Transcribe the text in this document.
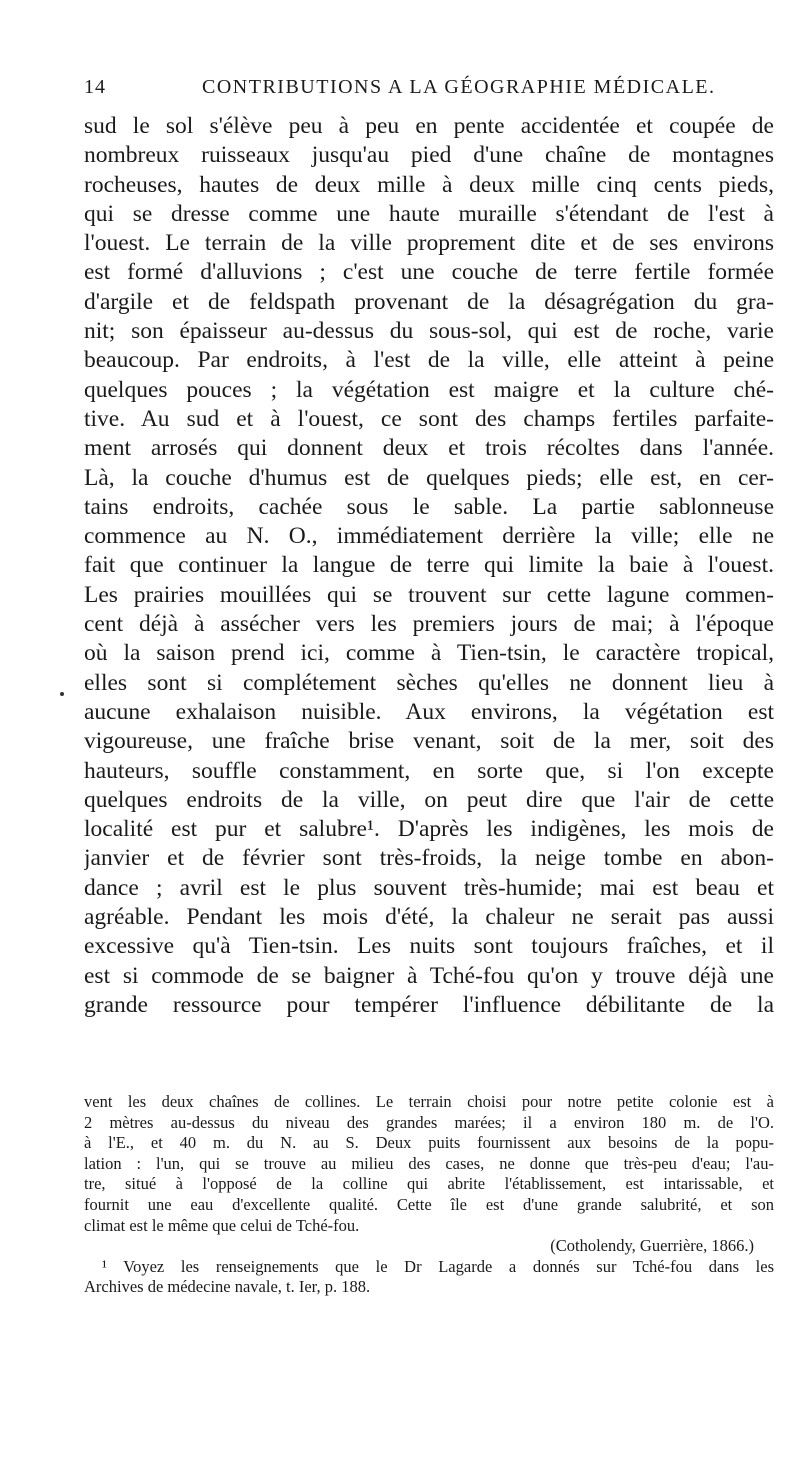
14	CONTRIBUTIONS A LA GÉOGRAPHIE MÉDICALE.
sud le sol s'élève peu à peu en pente accidentée et coupée de
nombreux ruisseaux jusqu'au pied d'une chaîne de montagnes
rocheuses, hautes de deux mille à deux mille cinq cents pieds,
qui se dresse comme une haute muraille s'étendant de l'est à
l'ouest. Le terrain de la ville proprement dite et de ses environs
est formé d'alluvions ; c'est une couche de terre fertile formée
d'argile et de feldspath provenant de la désagrégation du gra-
nit; son épaisseur au-dessus du sous-sol, qui est de roche, varie
beaucoup. Par endroits, à l'est de la ville, elle atteint à peine
quelques pouces ; la végétation est maigre et la culture ché-
tive. Au sud et à l'ouest, ce sont des champs fertiles parfaite-
ment arrosés qui donnent deux et trois récoltes dans l'année.
Là, la couche d'humus est de quelques pieds; elle est, en cer-
tains endroits, cachée sous le sable. La partie sablonneuse
commence au N. O., immédiatement derrière la ville; elle ne
fait que continuer la langue de terre qui limite la baie à l'ouest.
Les prairies mouillées qui se trouvent sur cette lagune commen-
cent déjà à assécher vers les premiers jours de mai; à l'époque
où la saison prend ici, comme à Tien-tsin, le caractère tropical,
elles sont si complétement sèches qu'elles ne donnent lieu à
aucune exhalaison nuisible. Aux environs, la végétation est
vigoureuse, une fraîche brise venant, soit de la mer, soit des
hauteurs, souffle constamment, en sorte que, si l'on excepte
quelques endroits de la ville, on peut dire que l'air de cette
localité est pur et salubre¹. D'après les indigènes, les mois de
janvier et de février sont très-froids, la neige tombe en abon-
dance ; avril est le plus souvent très-humide; mai est beau et
agréable. Pendant les mois d'été, la chaleur ne serait pas aussi
excessive qu'à Tien-tsin. Les nuits sont toujours fraîches, et il
est si commode de se baigner à Tché-fou qu'on y trouve déjà une
grande ressource pour tempérer l'influence débilitante de la
vent les deux chaînes de collines. Le terrain choisi pour notre petite colonie est à
2 mètres au-dessus du niveau des grandes marées; il a environ 180 m. de l'O.
à l'E., et 40 m. du N. au S. Deux puits fournissent aux besoins de la popu-
lation : l'un, qui se trouve au milieu des cases, ne donne que très-peu d'eau; l'au-
tre, situé à l'opposé de la colline qui abrite l'établissement, est intarissable, et
fournit une eau d'excellente qualité. Cette île est d'une grande salubrité, et son
climat est le même que celui de Tché-fou.
(Cotholendy, Guerrière, 1866.)
¹ Voyez les renseignements que le Dr Lagarde a donnés sur Tché-fou dans les
Archives de médecine navale, t. Ier, p. 188.
